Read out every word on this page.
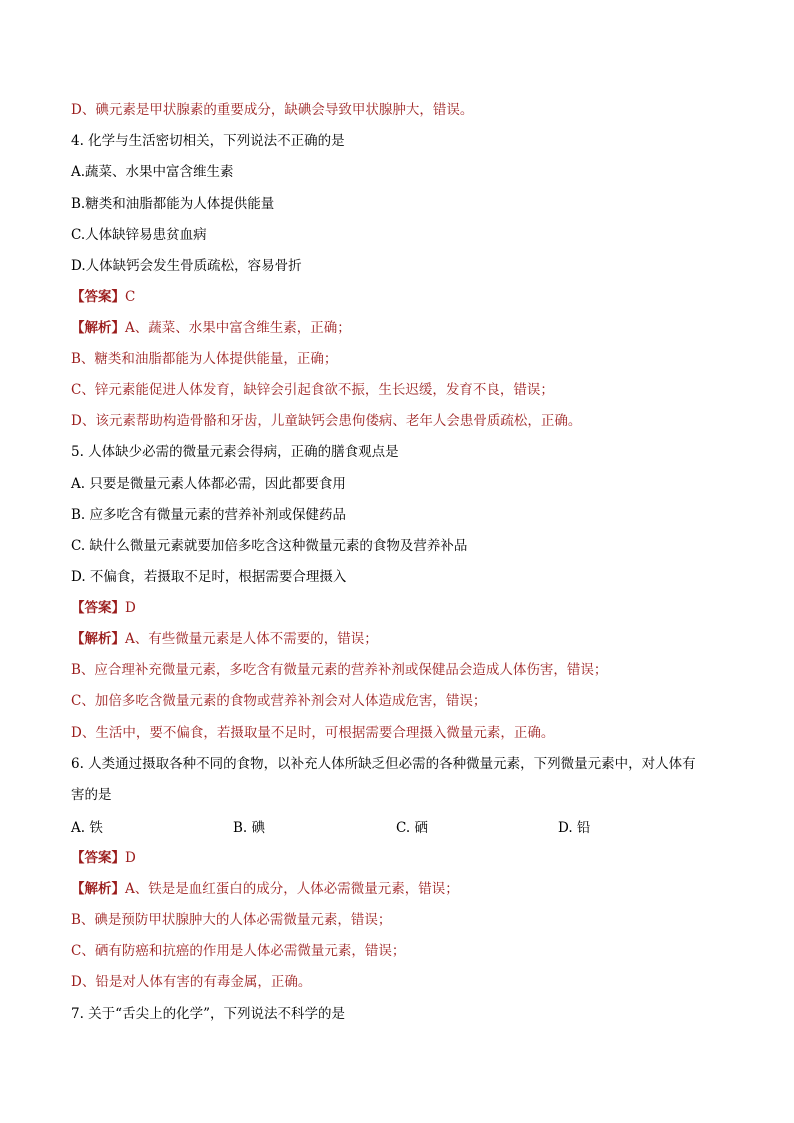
D、碘元素是甲状腺素的重要成分，缺碘会导致甲状腺肿大，错误。
4. 化学与生活密切相关，下列说法不正确的是
A.蔬菜、水果中富含维生素
B.糖类和油脂都能为人体提供能量
C.人体缺锌易患贫血病
D.人体缺钙会发生骨质疏松，容易骨折
【答案】C
【解析】A、蔬菜、水果中富含维生素，正确；
B、糖类和油脂都能为人体提供能量，正确；
C、锌元素能促进人体发育，缺锌会引起食欲不振，生长迟缓，发育不良，错误；
D、该元素帮助构造骨骼和牙齿，儿童缺钙会患佝偻病、老年人会患骨质疏松，正确。
5. 人体缺少必需的微量元素会得病，正确的膳食观点是
A. 只要是微量元素人体都必需，因此都要食用
B. 应多吃含有微量元素的营养补剂或保健药品
C. 缺什么微量元素就要加倍多吃含这种微量元素的食物及营养补品
D. 不偏食，若摄取不足时，根据需要合理摄入
【答案】D
【解析】A、有些微量元素是人体不需要的，错误；
B、应合理补充微量元素，多吃含有微量元素的营养补剂或保健品会造成人体伤害，错误；
C、加倍多吃含微量元素的食物或营养补剂会对人体造成危害，错误；
D、生活中，要不偏食，若摄取量不足时，可根据需要合理摄入微量元素，正确。
6. 人类通过摄取各种不同的食物，以补充人体所缺乏但必需的各种微量元素，下列微量元素中，对人体有
害的是
A. 铁	B. 碘	C. 硒	D. 铅
【答案】D
【解析】A、铁是是血红蛋白的成分，人体必需微量元素，错误；
B、碘是预防甲状腺肿大的人体必需微量元素，错误；
C、硒有防癌和抗癌的作用是人体必需微量元素，错误；
D、铅是对人体有害的有毒金属，正确。
7. 关于“舌尖上的化学”，下列说法不科学的是
